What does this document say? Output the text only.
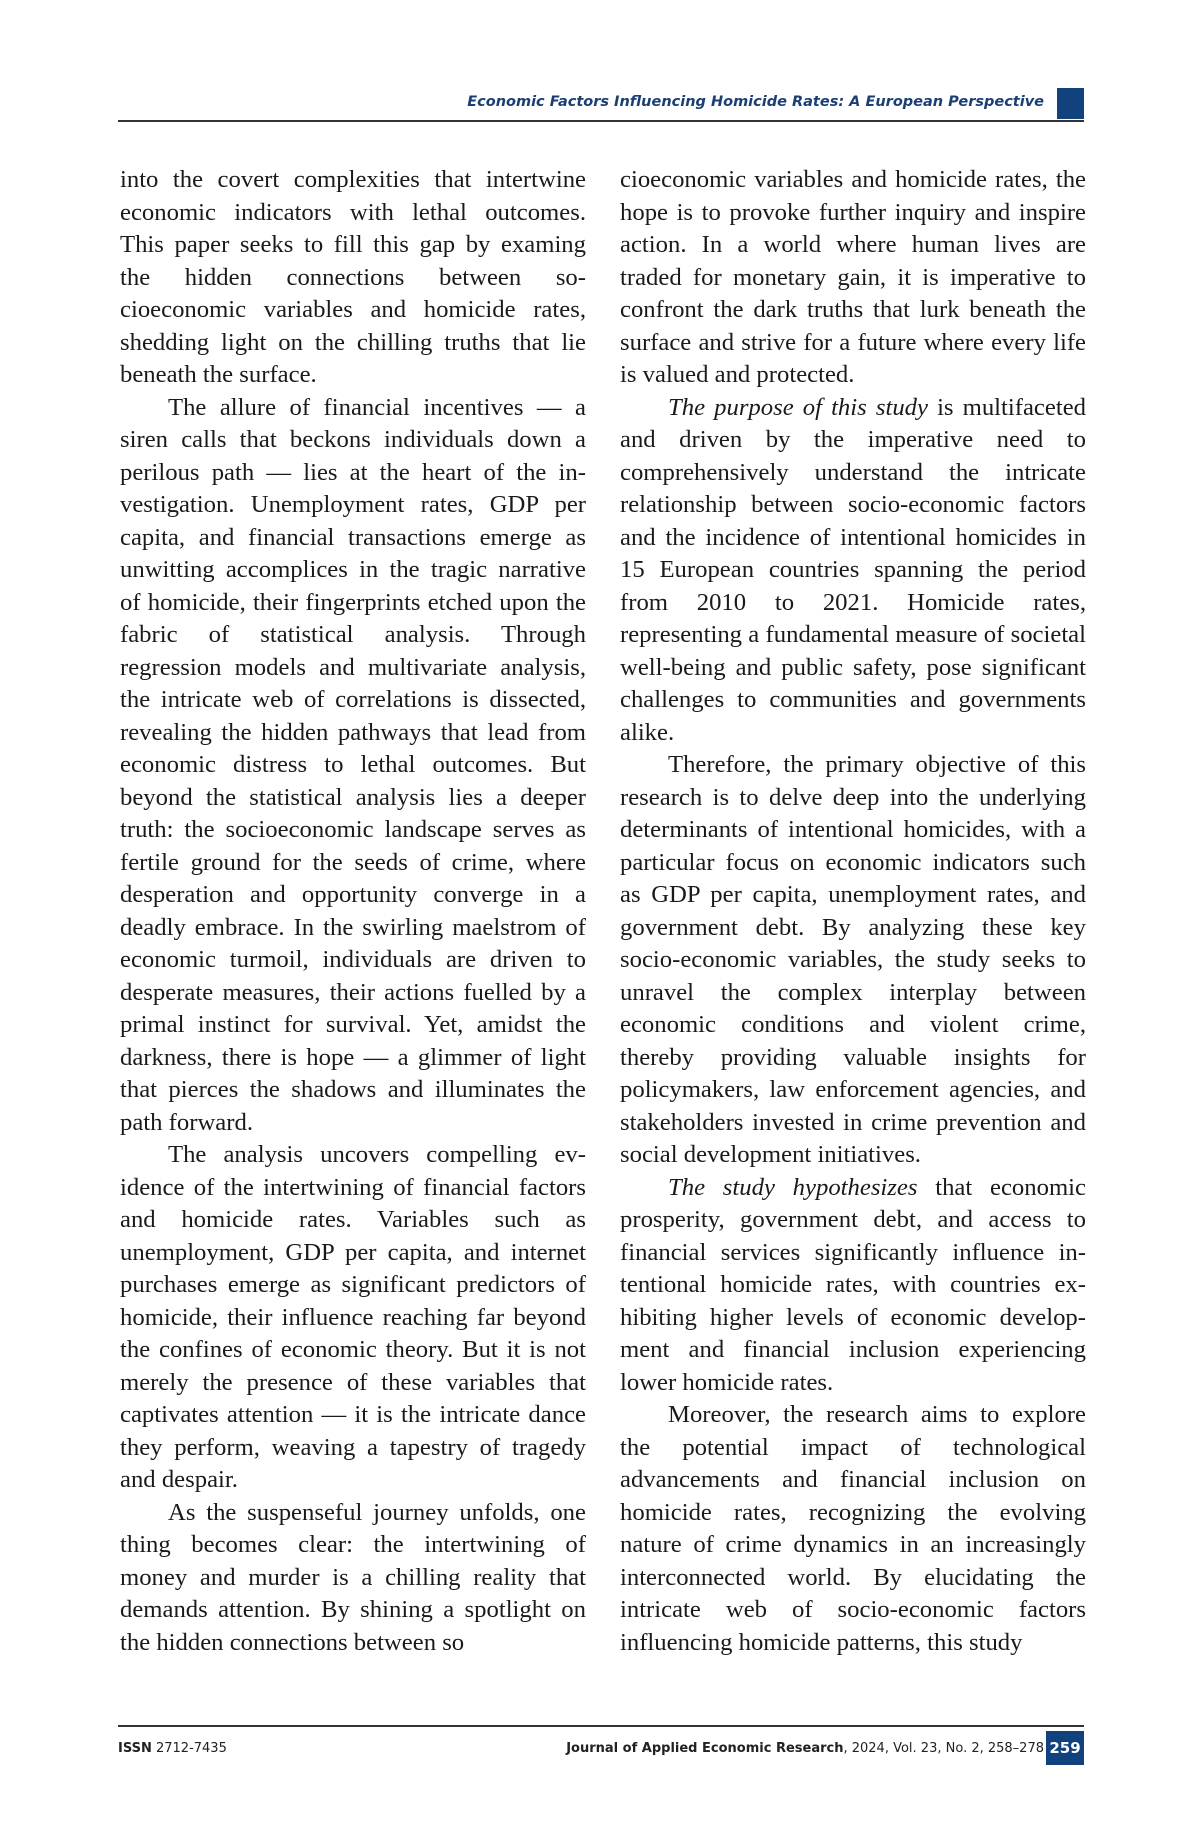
Economic Factors Influencing Homicide Rates: A European Perspective

into the covert complexities that intertwine economic indicators with lethal outcomes. This paper seeks to fill this gap by examing the hidden connections between socioeconomic variables and homicide rates, shedding light on the chilling truths that lie beneath the surface.

The allure of financial incentives — a siren calls that beckons individuals down a perilous path — lies at the heart of the investigation. Unemployment rates, GDP per capita, and financial transactions emerge as unwitting accomplices in the tragic narrative of homicide, their fingerprints etched upon the fabric of statistical analysis. Through regression models and multivariate analysis, the intricate web of correlations is dissected, revealing the hidden pathways that lead from economic distress to lethal outcomes. But beyond the statistical analysis lies a deeper truth: the socioeconomic landscape serves as fertile ground for the seeds of crime, where desperation and opportunity converge in a deadly embrace. In the swirling maelstrom of economic turmoil, individuals are driven to desperate measures, their actions fuelled by a primal instinct for survival. Yet, amidst the darkness, there is hope — a glimmer of light that pierces the shadows and illuminates the path forward.

The analysis uncovers compelling evidence of the intertwining of financial factors and homicide rates. Variables such as unemployment, GDP per capita, and internet purchases emerge as significant predictors of homicide, their influence reaching far beyond the confines of economic theory. But it is not merely the presence of these variables that captivates attention — it is the intricate dance they perform, weaving a tapestry of tragedy and despair.

As the suspenseful journey unfolds, one thing becomes clear: the intertwining of money and murder is a chilling reality that demands attention. By shining a spotlight on the hidden connections between so

cioeconomic variables and homicide rates, the hope is to provoke further inquiry and inspire action. In a world where human lives are traded for monetary gain, it is imperative to confront the dark truths that lurk beneath the surface and strive for a future where every life is valued and protected.

The purpose of this study is multifaceted and driven by the imperative need to comprehensively understand the intricate relationship between socio-economic factors and the incidence of intentional homicides in 15 European countries spanning the period from 2010 to 2021. Homicide rates, representing a fundamental measure of societal well-being and public safety, pose significant challenges to communities and governments alike.

Therefore, the primary objective of this research is to delve deep into the underlying determinants of intentional homicides, with a particular focus on economic indicators such as GDP per capita, unemployment rates, and government debt. By analyzing these key socio-economic variables, the study seeks to unravel the complex interplay between economic conditions and violent crime, thereby providing valuable insights for policymakers, law enforcement agencies, and stakeholders invested in crime prevention and social development initiatives.

The study hypothesizes that economic prosperity, government debt, and access to financial services significantly influence intentional homicide rates, with countries exhibiting higher levels of economic development and financial inclusion experiencing lower homicide rates.

Moreover, the research aims to explore the potential impact of technological advancements and financial inclusion on homicide rates, recognizing the evolving nature of crime dynamics in an increasingly interconnected world. By elucidating the intricate web of socio-economic factors influencing homicide patterns, this study

ISSN 2712-7435	Journal of Applied Economic Research, 2024, Vol. 23, No. 2, 258–278 259
